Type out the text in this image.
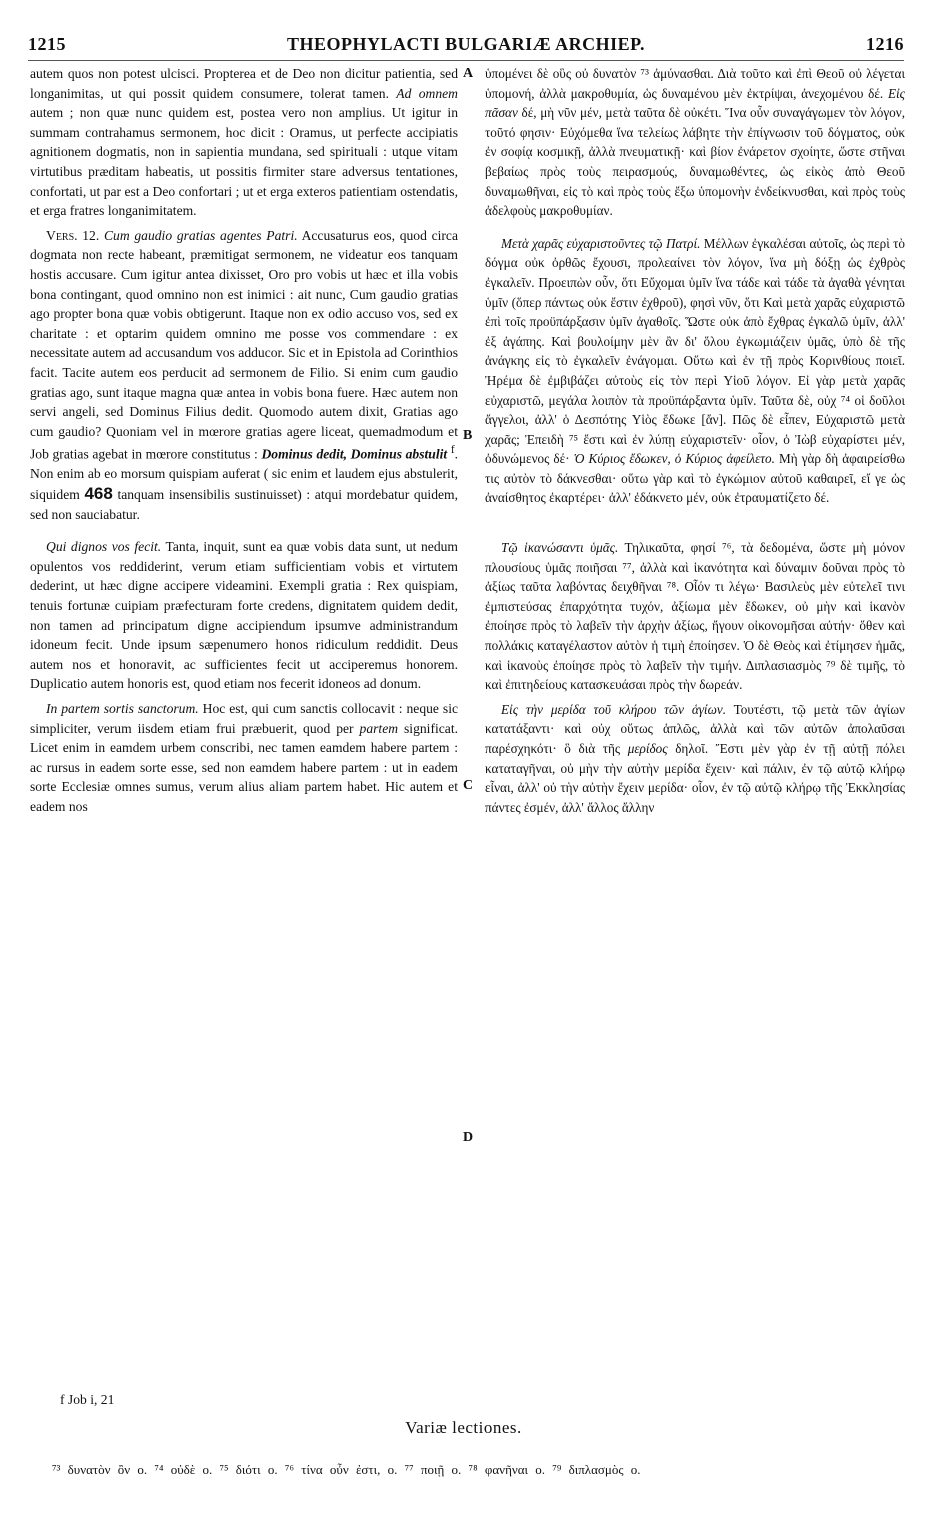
1215	THEOPHYLACTI BULGARIÆ ARCHIEP.	1216

autem quos non potest ulcisci. Propterea et de Deo non dicitur patientia, sed longanimitas, ut qui possit quidem consumere, tolerat tamen. Ad omnem autem ; non quæ nunc quidem est, postea vero non amplius. Ut igitur in summam contrahamus sermonem, hoc dicit : Oramus, ut perfecte accipiatis agnitionem dogmatis, non in sapientia mundana, sed spirituali : utque vitam virtutibus præditam habeatis, ut possitis firmiter stare adversus tentationes, confortati, ut par est a Deo confortari ; ut et erga exteros patientiam ostendatis, et erga fratres longanimitatem.

Vers. 12. Cum gaudio gratias agentes Patri. Accusaturus eos, quod circa dogmata non recte habeant, præmitigat sermonem, ne videatur eos tanquam hostis accusare. Cum igitur antea dixisset, Oro pro vobis ut hæc et illa vobis bona contingant, quod omnino non est inimici : ait nunc, Cum gaudio gratias ago propter bona quæ vobis obtigerunt. Itaque non ex odio accuso vos, sed ex charitate : et optarim quidem omnino me posse vos commendare : ex necessitate autem ad accusandum vos adducor. Sic et in Epistola ad Corinthios facit. Tacite autem eos perducit ad sermonem de Filio. Si enim cum gaudio gratias ago, sunt itaque magna quæ antea in vobis bona fuere. Hæc autem non servi angeli, sed Dominus Filius dedit. Quomodo autem dixit, Gratias ago cum gaudio? Quoniam vel in mœrore gratias agere liceat, quemadmodum et Job gratias agebat in mœrore constitutus : Dominus dedit, Dominus abstulit $^f$. Non enim ab eo morsum quispiam auferat ( sic enim et laudem ejus abstulerit, siquidem 468 tanquam insensibilis sustinuisset) : atqui mordebatur quidem, sed non sauciabatur.

Qui dignos vos fecit. Tanta, inquit, sunt ea quæ vobis data sunt, ut nedum opulentos vos reddiderint, verum etiam sufficientiam vobis et virtutem dederint, ut hæc digne accipere videamini. Exempli gratia : Rex quispiam, tenuis fortunæ cuipiam præfecturam forte credens, dignitatem quidem dedit, non tamen ad principatum digne accipiendum ipsumve administrandum idoneum fecit. Unde ipsum sæpenumero honos ridiculum reddidit. Deus autem nos et honoravit, ac sufficientes fecit ut acciperemus honorem. Duplicatio autem honoris est, quod etiam nos fecerit idoneos ad donum.

In partem sortis sanctorum. Hoc est, qui cum sanctis collocavit : neque sic simpliciter, verum iisdem etiam frui præbuerit, quod per partem significat. Licet enim in eamdem urbem conscribi, nec tamen eamdem habere partem : ac rursus in eadem sorte esse, sed non eamdem habere partem : ut in eadem sorte Ecclesiæ omnes sumus, verum alius aliam partem habet. Hic autem et eadem nos

A
B
C
D

ὑπομένει δὲ οὓς οὐ δυνατὸν ⁷³ ἀμύνασθαι. Διὰ τοῦτο καὶ ἐπὶ Θεοῦ οὐ λέγεται ὑπομονή, ἀλλὰ μακροθυμία, ὡς δυναμένου μὲν ἐκτρίψαι, ἀνεχομένου δέ. Εἰς πᾶσαν δέ, μὴ νῦν μέν, μετὰ ταῦτα δὲ οὐκέτι. Ἵνα οὖν συναγάγωμεν τὸν λόγον, τοῦτό φησιν· Εὐχόμεθα ἵνα τελείως λάβητε τὴν ἐπίγνωσιν τοῦ δόγματος, οὐκ ἐν σοφίᾳ κοσμικῇ, ἀλλὰ πνευματικῇ· καὶ βίον ἐνάρετον σχοίητε, ὥστε στῆναι βεβαίως πρὸς τοὺς πειρασμούς, δυναμωθέντες, ὡς εἰκὸς ἀπὸ Θεοῦ δυναμωθῆναι, εἰς τὸ καὶ πρὸς τοὺς ἔξω ὑπομονὴν ἐνδείκνυσθαι, καὶ πρὸς τοὺς ἀδελφοὺς μακροθυμίαν.

Μετὰ χαρᾶς εὐχαριστοῦντες τῷ Πατρί. Μέλλων ἐγκαλέσαι αὐτοῖς, ὡς περὶ τὸ δόγμα οὐκ ὀρθῶς ἔχουσι, προλεαίνει τὸν λόγον, ἵνα μὴ δόξῃ ὡς ἐχθρὸς ἐγκαλεῖν. Προειπὼν οὖν, ὅτι Εὔχομαι ὑμῖν ἵνα τάδε καὶ τάδε τὰ ἀγαθὰ γένηται ὑμῖν (ὅπερ πάντως οὐκ ἔστιν ἐχθροῦ), φησὶ νῦν, ὅτι Καὶ μετὰ χαρᾶς εὐχαριστῶ ἐπὶ τοῖς προϋπάρξασιν ὑμῖν ἀγαθοῖς. Ὥστε οὐκ ἀπὸ ἔχθρας ἐγκαλῶ ὑμῖν, ἀλλ' ἐξ ἀγάπης. Καὶ βουλοίμην μὲν ἂν δι' ὅλου ἐγκωμιάζειν ὑμᾶς, ὑπὸ δὲ τῆς ἀνάγκης εἰς τὸ ἐγκαλεῖν ἐνάγομαι. Οὕτω καὶ ἐν τῇ πρὸς Κορινθίους ποιεῖ. Ἠρέμα δὲ ἐμβιβάζει αὐτοὺς εἰς τὸν περὶ Υἱοῦ λόγον. Εἰ γὰρ μετὰ χαρᾶς εὐχαριστῶ, μεγάλα λοιπὸν τὰ προϋπάρξαντα ὑμῖν. Ταῦτα δὲ, οὐχ ⁷⁴ οἱ δοῦλοι ἄγγελοι, ἀλλ' ὁ Δεσπότης Υἱὸς ἔδωκε [ἄν]. Πῶς δὲ εἶπεν, Εὐχαριστῶ μετὰ χαρᾶς; Ἐπειδὴ ⁷⁵ ἔστι καὶ ἐν λύπῃ εὐχαριστεῖν· οἷον, ὁ Ἰὼβ εὐχαρίστει μέν, ὀδυνώμενος δέ· Ὁ Κύριος ἔδωκεν, ὁ Κύριος ἀφείλετο. Μὴ γὰρ δὴ ἀφαιρείσθω τις αὐτὸν τὸ δάκνεσθαι· οὕτω γὰρ καὶ τὸ ἐγκώμιον αὐτοῦ καθαιρεῖ, εἴ γε ὡς ἀναίσθητος ἐκαρτέρει· ἀλλ' ἐδάκνετο μέν, οὐκ ἐτραυματίζετο δέ.

Τῷ ἱκανώσαντι ὑμᾶς. Τηλικαῦτα, φησί ⁷⁶, τὰ δεδομένα, ὥστε μὴ μόνον πλουσίους ὑμᾶς ποιῆσαι ⁷⁷, ἀλλὰ καὶ ἱκανότητα καὶ δύναμιν δοῦναι πρὸς τὸ ἀξίως ταῦτα λαβόντας δειχθῆναι ⁷⁸. Οἷόν τι λέγω· Βασιλεὺς μὲν εὐτελεῖ τινι ἐμπιστεύσας ἐπαρχότητα τυχόν, ἀξίωμα μὲν ἔδωκεν, οὐ μὴν καὶ ἱκανὸν ἐποίησε πρὸς τὸ λαβεῖν τὴν ἀρχὴν ἀξίως, ἤγουν οἰκονομῆσαι αὐτήν· ὅθεν καὶ πολλάκις καταγέλαστον αὐτὸν ἡ τιμὴ ἐποίησεν. Ὁ δὲ Θεὸς καὶ ἐτίμησεν ἡμᾶς, καὶ ἱκανοὺς ἐποίησε πρὸς τὸ λαβεῖν τὴν τιμήν. Διπλασιασμὸς ⁷⁹ δὲ τιμῆς, τὸ καὶ ἐπιτηδείους κατασκευάσαι πρὸς τὴν δωρεάν.

Εἰς τὴν μερίδα τοῦ κλήρου τῶν ἁγίων. Τουτέστι, τῷ μετὰ τῶν ἁγίων κατατάξαντι· καὶ οὐχ οὕτως ἁπλῶς, ἀλλὰ καὶ τῶν αὐτῶν ἀπολαῦσαι παρέσχηκότι· ὃ διὰ τῆς μερίδος δηλοῖ. Ἔστι μὲν γὰρ ἐν τῇ αὐτῇ πόλει καταταγῆναι, οὐ μὴν τὴν αὐτὴν μερίδα ἔχειν· καὶ πάλιν, ἐν τῷ αὐτῷ κλήρῳ εἶναι, ἀλλ' οὐ τὴν αὐτὴν ἔχειν μερίδα· οἷον, ἐν τῷ αὐτῷ κλήρῳ τῆς Ἐκκλησίας πάντες ἐσμέν, ἀλλ' ἄλλος ἄλλην

f Job i, 21
Variæ lectiones.
⁷³ δυνατὸν ὂν ο. ⁷⁴ οὐδὲ ο. ⁷⁵ διότι ο. ⁷⁶ τίνα οὖν ἐστι, ο. ⁷⁷ ποιῇ ο. ⁷⁸ φανῆναι ο. ⁷⁹ διπλασμὸς ο.
